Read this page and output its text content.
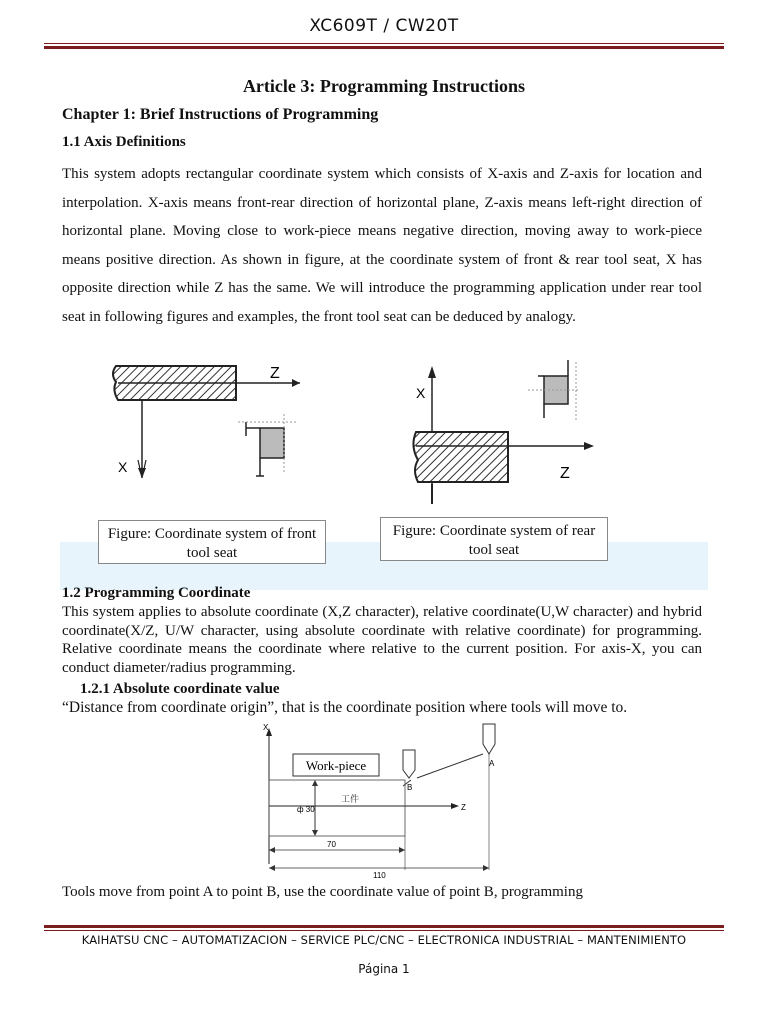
XC609T / CW20T
Article 3: Programming Instructions
Chapter 1: Brief Instructions of Programming
1.1 Axis Definitions
This system adopts rectangular coordinate system which consists of X-axis and Z-axis for location and interpolation. X-axis means front-rear direction of horizontal plane, Z-axis means left-right direction of horizontal plane. Moving close to work-piece means negative direction, moving away to work-piece means positive direction. As shown in figure, at the coordinate system of front & rear tool seat, X has opposite direction while Z has the same. We will introduce the programming application under rear tool seat in following figures and examples, the front tool seat can be deduced by analogy.
Z
X
X
Z
Figure: Coordinate system of front tool seat
Figure: Coordinate system of rear tool seat
1.2 Programming Coordinate
This system applies to absolute coordinate (X,Z character), relative coordinate(U,W character) and hybrid coordinate(X/Z, U/W character, using absolute coordinate with relative coordinate) for programming. Relative coordinate means the coordinate where relative to the current position. For axis-X, you can conduct diameter/radius programming.
1.2.1 Absolute coordinate value
“Distance from coordinate origin”, that is the coordinate position where tools will move to.
X
Z
Work-piece
工件
ф 30
A
B
70
110
Tools move from point A to point B, use the coordinate value of point B, programming
KAIHATSU CNC – AUTOMATIZACION – SERVICE PLC/CNC – ELECTRONICA INDUSTRIAL – MANTENIMIENTO
Página 1
